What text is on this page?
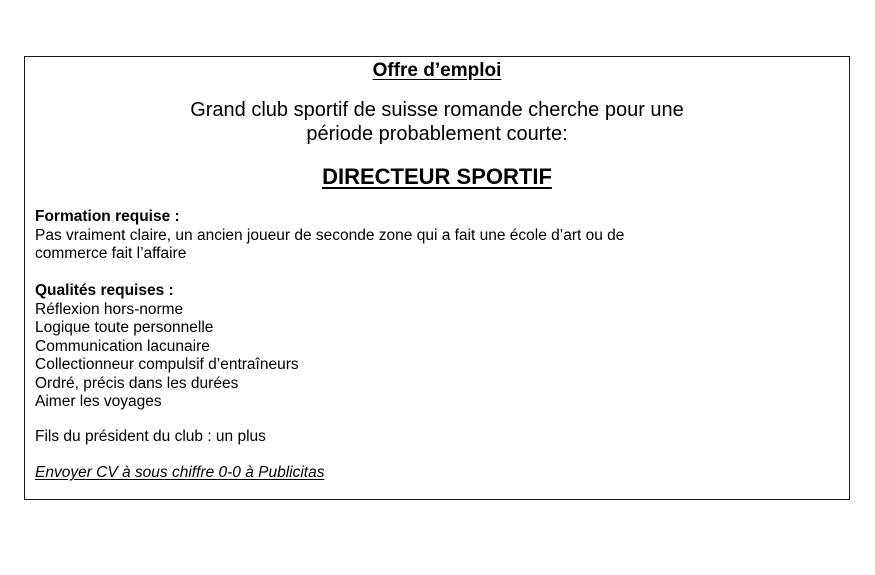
Offre d’emploi

Grand club sportif de suisse romande cherche pour une
période probablement courte:

DIRECTEUR SPORTIF
Formation requise :
Pas vraiment claire, un ancien joueur de seconde zone qui a fait une école d’art ou de
commerce fait l’affaire
Qualités requises :
Réflexion hors-norme
Logique toute personnelle
Communication lacunaire
Collectionneur compulsif d’entraîneurs
Ordré, précis dans les durées
Aimer les voyages

Fils du président du club : un plus

Envoyer CV à sous chiffre 0-0 à Publicitas
